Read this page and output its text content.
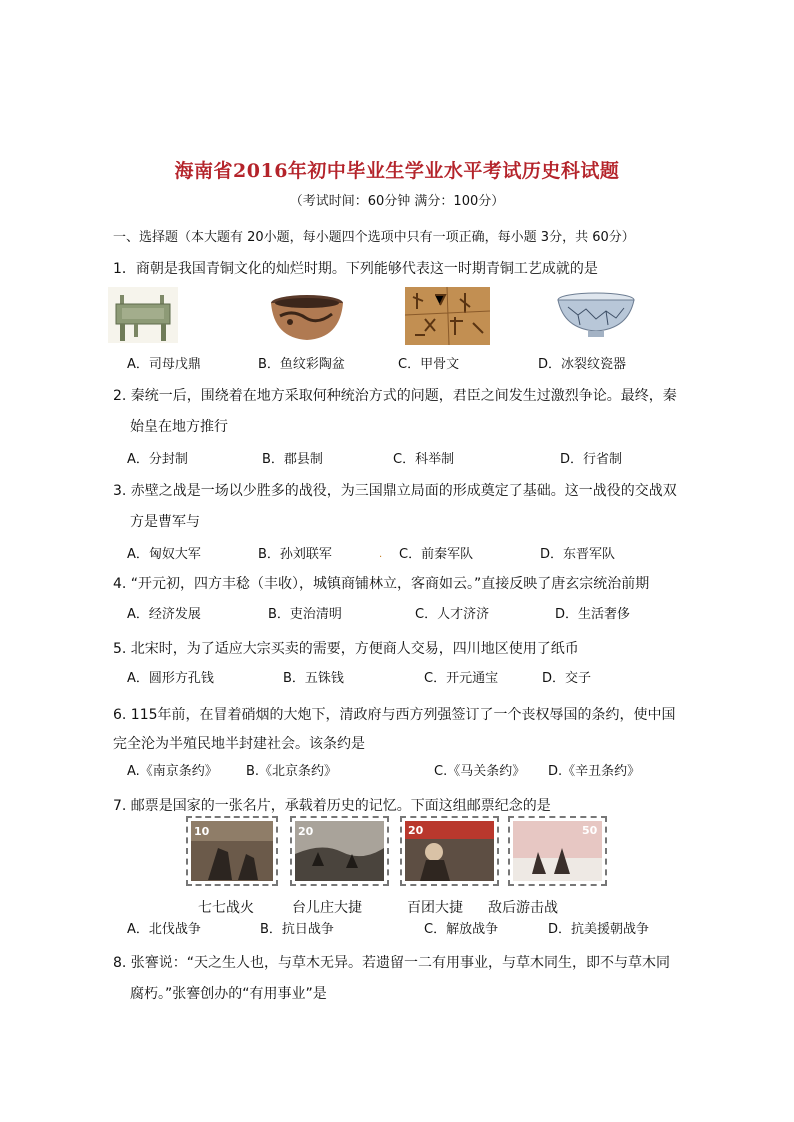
海南省2016年初中毕业生学业水平考试历史科试题
（考试时间：60分钟 满分：100分）
一、选择题（本大题有 20小题，每小题四个选项中只有一项正确，每小题 3分，共 60分）
1．商朝是我国青铜文化的灿烂时期。下列能够代表这一时期青铜工艺成就的是
A．司母戊鼎	B．鱼纹彩陶盆	C．甲骨文	D．冰裂纹瓷器
2. 秦统一后，围绕着在地方采取何种统治方式的问题，君臣之间发生过激烈争论。最终，秦
始皇在地方推行
A．分封制	B．郡县制	C．科举制	D．行省制
3. 赤壁之战是一场以少胜多的战役，为三国鼎立局面的形成奠定了基础。这一战役的交战双
方是曹军与
A．匈奴大军	B．孙刘联军	. C．前秦军队	D．东晋军队
4. “开元初，四方丰稔（丰收），城镇商铺林立，客商如云。”直接反映了唐玄宗统治前期
A．经济发展	B．吏治清明	C．人才济济	D．生活奢侈
5. 北宋时，为了适应大宗买卖的需要，方便商人交易，四川地区使用了纸币
A．圆形方孔钱	B．五铢钱	C．开元通宝	D．交子
6. 115年前，在冒着硝烟的大炮下，清政府与西方列强签订了一个丧权辱国的条约，使中国
完全沦为半殖民地半封建社会。该条约是
A.《南京条约》 B.《北京条约》	C.《马关条约》 D.《辛丑条约》
7. 邮票是国家的一张名片，承载着历史的记忆。下面这组邮票纪念的是
10	20	20	50
七七战火	台儿庄大捷	百团大捷 敌后游击战
A．北伐战争	B．抗日战争	C．解放战争	D．抗美援朝战争
8. 张謇说：“天之生人也，与草木无异。若遗留一二有用事业，与草木同生，即不与草木同
腐朽。”张謇创办的“有用事业”是
